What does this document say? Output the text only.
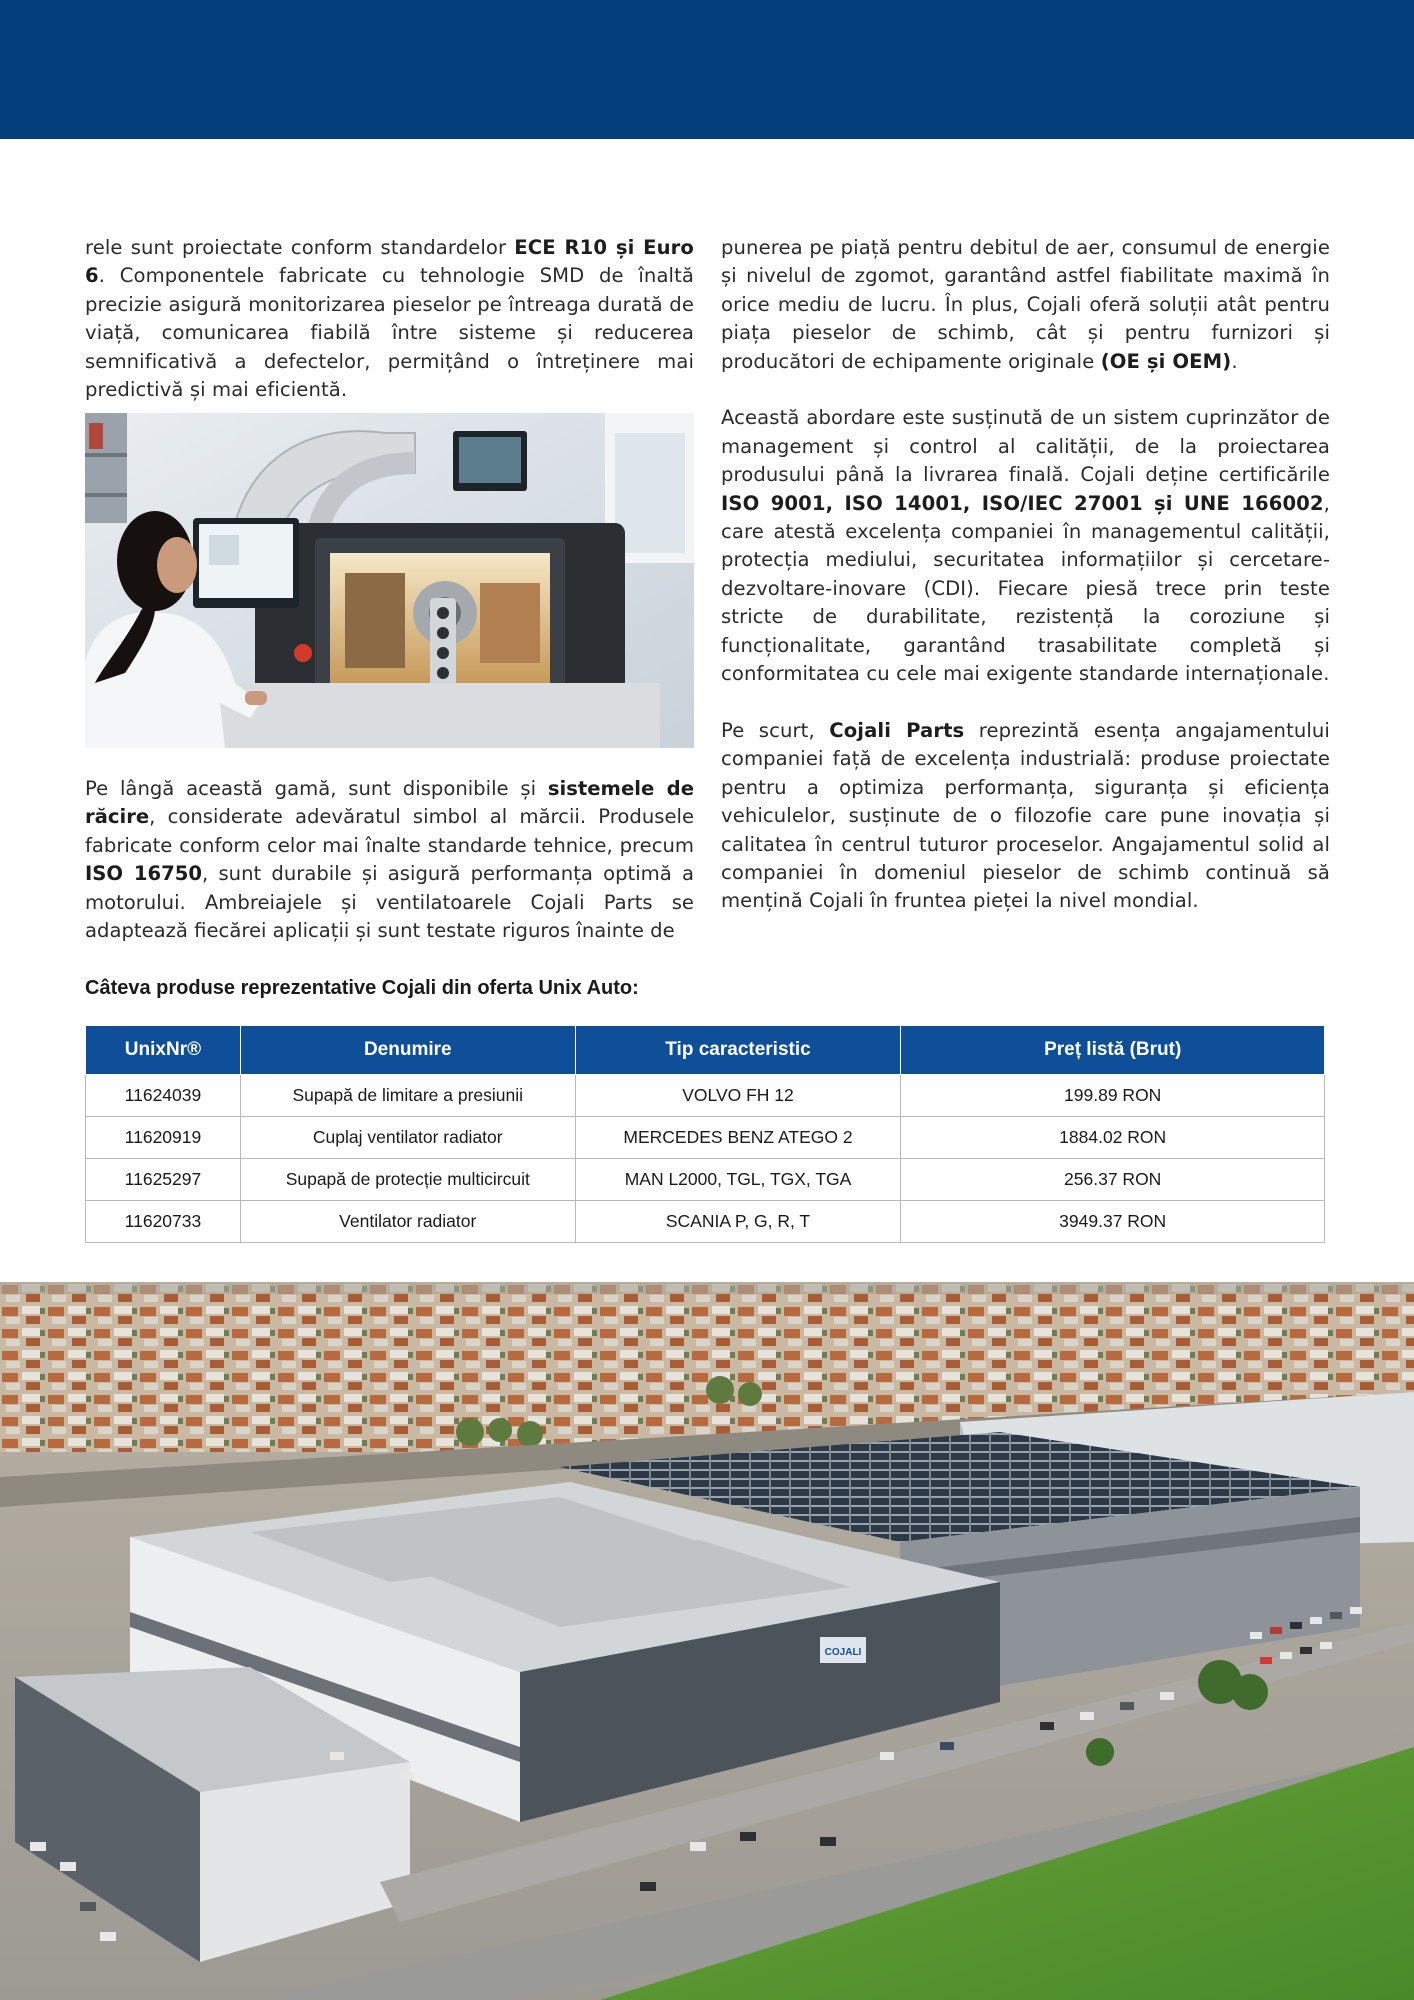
rele sunt proiectate conform standardelor ECE R10 și Euro 6. Componentele fabricate cu tehnologie SMD de înaltă precizie asigură monitorizarea pieselor pe întreaga durată de viață, comunicarea fiabilă între sisteme și reducerea semnificativă a defectelor, permițând o întreținere mai predictivă și mai eficientă.

Pe lângă această gamă, sunt disponibile și sistemele de răcire, considerate adevăratul simbol al mărcii. Produsele fabricate conform celor mai înalte standarde tehnice, precum ISO 16750, sunt durabile și asigură performanța optimă a motorului. Ambreiajele și ventilatoarele Cojali Parts se adaptează fiecărei aplicații și sunt testate riguros înainte de

punerea pe piață pentru debitul de aer, consumul de energie și nivelul de zgomot, garantând astfel fiabilitate maximă în orice mediu de lucru. În plus, Cojali oferă soluții atât pentru piața pieselor de schimb, cât și pentru furnizori și producători de echipamente originale (OE și OEM).

Această abordare este susținută de un sistem cuprinzător de management și control al calității, de la proiectarea produsului până la livrarea finală. Cojali deține certificările ISO 9001, ISO 14001, ISO/IEC 27001 și UNE 166002, care atestă excelența companiei în managementul calității, protecția mediului, securitatea informațiilor și cercetare-dezvoltare-inovare (CDI). Fiecare piesă trece prin teste stricte de durabilitate, rezistență la coroziune și funcționalitate, garantând trasabilitate completă și conformitatea cu cele mai exigente standarde internaționale.

Pe scurt, Cojali Parts reprezintă esența angajamentului companiei față de excelența industrială: produse proiectate pentru a optimiza performanța, siguranța și eficiența vehiculelor, susținute de o filozofie care pune inovația și calitatea în centrul tuturor proceselor. Angajamentul solid al companiei în domeniul pieselor de schimb continuă să mențină Cojali în fruntea pieței la nivel mondial.

Câteva produse reprezentative Cojali din oferta Unix Auto:
UnixNr®	Denumire	Tip caracteristic	Preț listă (Brut)
11624039	Supapă de limitare a presiunii	VOLVO FH 12	199.89 RON
11620919	Cuplaj ventilator radiator	MERCEDES BENZ ATEGO 2	1884.02 RON
11625297	Supapă de protecție multicircuit	MAN L2000, TGL, TGX, TGA	256.37 RON
11620733	Ventilator radiator	SCANIA P, G, R, T	3949.37 RON
COJALI
